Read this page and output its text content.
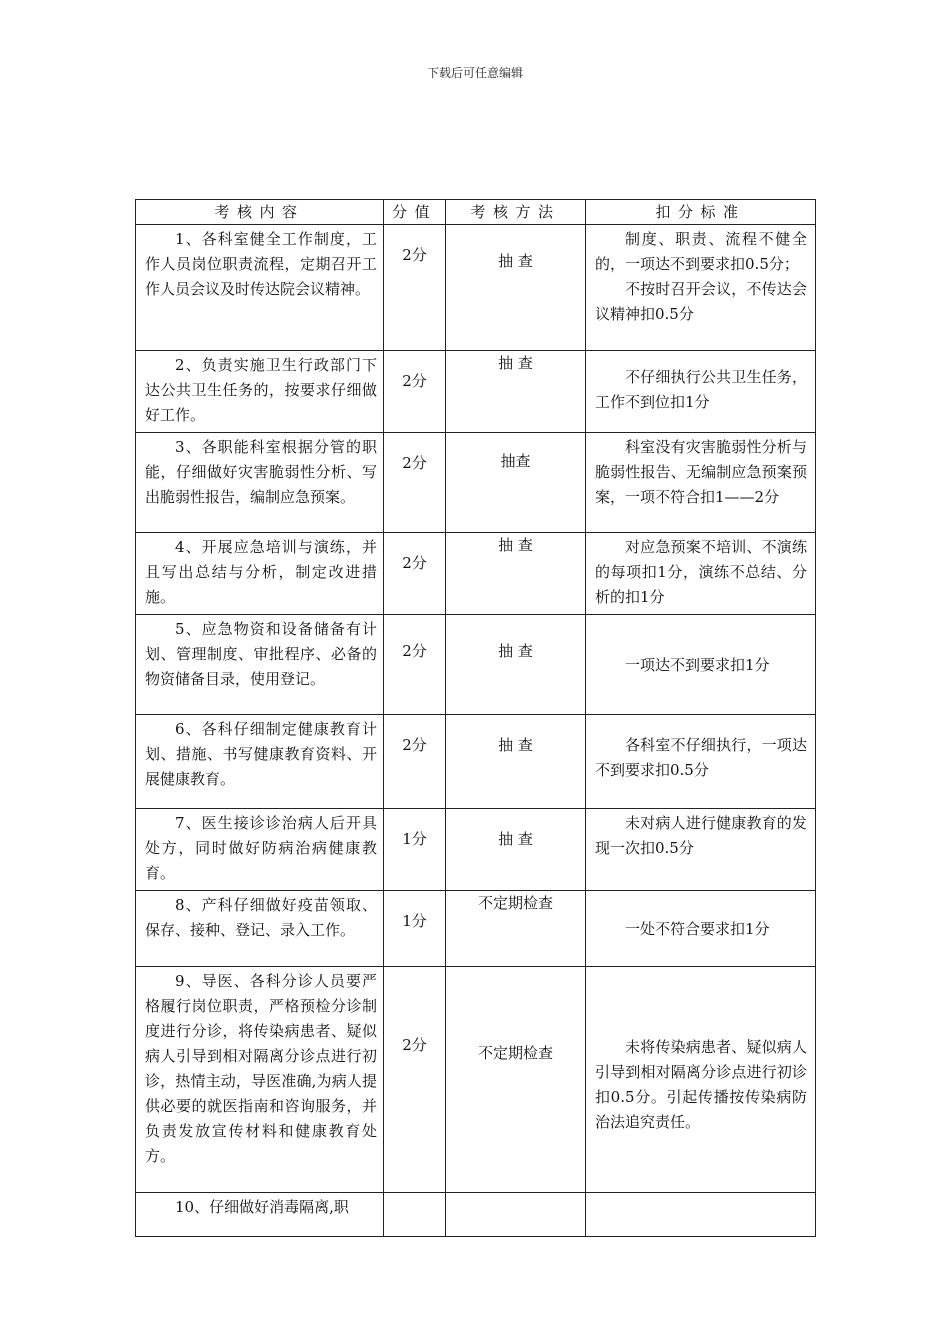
下载后可任意编辑
考核内容	分值	考核方法	扣分标准

1、各科室健全工作制度，工作人员岗位职责流程，定期召开工作人员会议及时传达院会议精神。	2分	抽 查	制度、职责、流程不健全的，一项达不到要求扣0.5分；
不按时召开会议，不传达会议精神扣0.5分

2、负责实施卫生行政部门下达公共卫生任务的，按要求仔细做好工作。	2分	抽 查	不仔细执行公共卫生任务，工作不到位扣1分

3、各职能科室根据分管的职能，仔细做好灾害脆弱性分析、写出脆弱性报告，编制应急预案。	2分	抽查	科室没有灾害脆弱性分析与脆弱性报告、无编制应急预案预案，一项不符合扣1——2分

4、开展应急培训与演练，并且写出总结与分析，制定改进措施。	2分	抽 查	对应急预案不培训、不演练的每项扣1分，演练不总结、分析的扣1分

5、应急物资和设备储备有计划、管理制度、审批程序、必备的物资储备目录，使用登记。	2分	抽 查	一项达不到要求扣1分

6、各科仔细制定健康教育计划、措施、书写健康教育资料、开展健康教育。	2分	抽 查	各科室不仔细执行，一项达不到要求扣0.5分

7、医生接诊诊治病人后开具处方，同时做好防病治病健康教育。	1分	抽 查	未对病人进行健康教育的发现一次扣0.5分

8、产科仔细做好疫苗领取、保存、接种、登记、录入工作。	1分	不定期检查	一处不符合要求扣1分

9、导医、各科分诊人员要严格履行岗位职责，严格预检分诊制度进行分诊，将传染病患者、疑似病人引导到相对隔离分诊点进行初诊，热情主动，导医准确,为病人提供必要的就医指南和咨询服务，并负责发放宣传材料和健康教育处方。	2分	不定期检查	未将传染病患者、疑似病人引导到相对隔离分诊点进行初诊扣0.5分。引起传播按传染病防治法追究责任。

10、仔细做好消毒隔离,职			
